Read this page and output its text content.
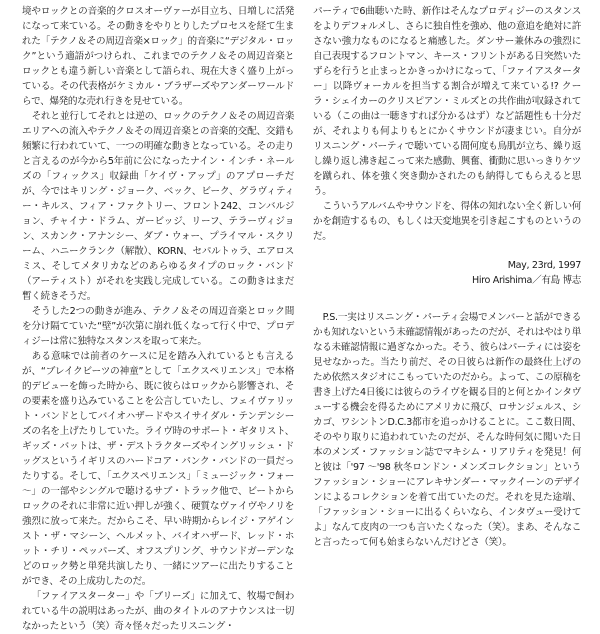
境やロックとの音楽的クロスオーヴァーが目立ち、日増しに活発になって来ている。その動きをやりとりしたプロセスを経て生まれた「テクノ＆その周辺音楽×ロック」的音楽に“デジタル・ロック”という適語がつけられ、これまでのテクノ＆その周辺音楽とロックとも違う新しい音楽として語られ、現在大きく盛り上がっている。その代表格がケミカル・ブラザーズやアンダーワールドらで、爆発的な売れ行きを見せている。

それと並行してそれとは逆の、ロックのテクノ＆その周辺音楽エリアへの流入やテクノ＆その周辺音楽との音楽的交配、交錯も頻繁に行われていて、一つの明確な動きとなっている。その走りと言えるのが今から5年前に公になったナイン・インチ・ネールズの「フィックス」収録曲「ケイヴ・アップ」のアプローチだが、今ではキリング・ジョーク、ベック、ビーク、グラヴィティー・キルス、フィア・ファクトリー、フロント242、コンバルジョン、チャイナ・ドラム、ガービッジ、リーフ、テラーヴィジョン、スカンク・アナンシー、ダブ・ウォー、プライマル・スクリーム、ハニークランク（解散）、KORN、セパルトゥラ、エアロスミス、そしてメタリカなどのあらゆるタイプのロック・バンド（アーティスト）がそれを実践し完成している。この動きはまだ暫く続きそうだ。

そうした2つの動きが進み、テクノ＆その周辺音楽とロック間を分け隔てていた“壁”が次第に崩れ低くなって行く中で、プロディジーは常に独特なスタンスを取って来た。

ある意味では前者のケースに足を踏み入れているとも言えるが、“ブレイクビーツの神童”として「エクスペリエンス」で本格的デビューを飾った時から、既に彼らはロックから影響され、その要素を盛り込みていることを公言していたし、フェイヴァリット・バンドとしてバイオハザードやスイサイダル・テンデンシーズの名を上げたりしていた。ライヴ時のサポート・ギタリスト、ギッズ・バットは、ザ・デストラクターズやイングリッシュ・ドッグスというイギリスのハードコア・パンク・バンドの一員だったりする。そして、「エクスペリエンス」「ミュージック・フォー～」の一部やシングルで聴けるサブ・トラック他で、ビートからロックのそれに非常に近い押しが強く、硬質なヴァイヴやノリを強烈に放って来た。だからこそ、早い時期からレイジ・アゲインスト・ザ・マシーン、ヘルメット、バイオハザード、レッド・ホット・チリ・ペッパーズ、オフスプリング、サウンドガーデンなどのロック勢と単発共演したり、一緒にツアーに出たりすることができ、その上成功したのだ。

「ファイアスターター」や「ブリーズ」に加えて、牧場で飼われている牛の説明はあったが、曲のタイトルのアナウンスは一切なかったという（笑）奇々怪々だったリスニング・

パーティで6曲聴いた時、新作はそんなプロディジーのスタンスをよりデフォルメし、さらに独自性を強め、他の意追を絶対に許さない強力なものになると痛感した。ダンサー兼休みの強烈に自己表現するフロントマン、キース・フリントがある日突然いたずらを行うと止まっとかきっかけになって、「ファイアスターター」以降ヴォーカルを担当する割合が増えて来ている!? クーラ・シェイカーのクリスピアン・ミルズとの共作曲が収録されている（この曲は一聴きすれば分かるはず）など話題性も十分だが、それよりも何よりもとにかくサウンドが凄まじい。自分がリスニング・パーティで聴いている間何度も鳥肌が立ち、繰り返し繰り返し沸き起こって来た感動、興奮、衝動に思いっきりケツを蹴られ、体を強く突き動かされたのも納得してもらえると思う。

こういうアルバムやサウンドを、得体の知れない全く新しい何かを創造するもの、もしくは天変地異を引き起こすものというのだ。

May, 23rd, 1997
Hiro Arishima／有島 博志

P.S.一実はリスニング・パーティ会場でメンバーと話ができるかも知れないという未確認情報があったのだが、それはやはり単なる未確認情報に過ぎなかった。そう、彼らはパーティには姿を見せなかった。当たり前だ、その日彼らは新作の最終仕上げのため依然スタジオにこもっていたのだから。よって、この原稿を書き上げた4日後には彼らのライヴを観る目的と何とかインタヴューする機会を得るためにアメリカに飛び、ロサンジェルス、シカゴ、ワシントンD.C.3都市を追っかけることに。ここ数日間、そのやり取りに追われていたのだが、そんな時何気に聞いた日本のメンズ・ファッション誌でマキシム・リアリティを発見！何と彼は「'97 ～'98 秋冬ロンドン・メンズコレクション」というファッション・ショーにアレキサンダー・マックイーンのデザインによるコレクションを着て出ていたのだ。それを見た途端、「ファッション・ショーに出るくらいなら、インタヴュー受けてよ」なんて皮肉の一つも言いたくなった（笑）。まあ、そんなこと言ったって何も始まらないんだけどさ（笑）。
